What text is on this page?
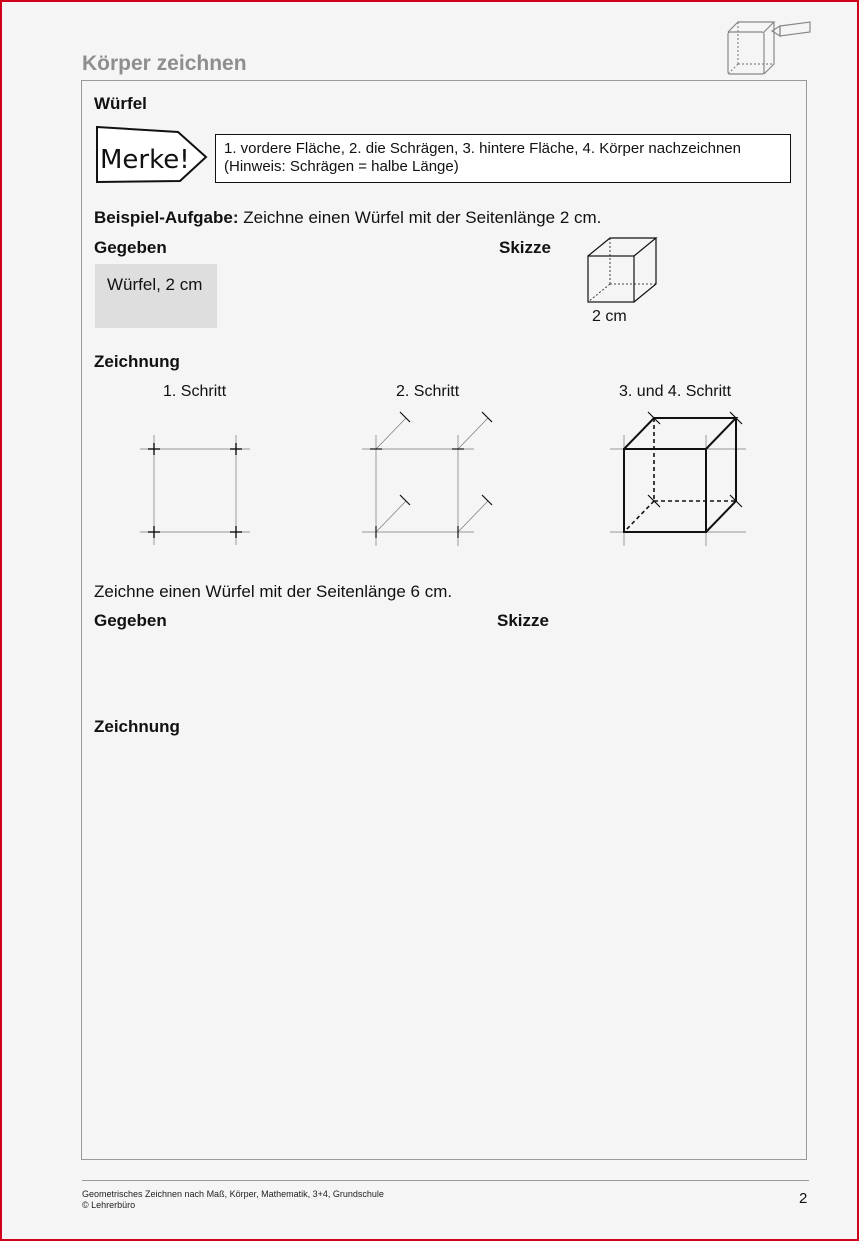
Körper zeichnen
Würfel
Merke! 1. vordere Fläche, 2. die Schrägen, 3. hintere Fläche, 4. Körper nachzeichnen
(Hinweis: Schrägen = halbe Länge)
Beispiel-Aufgabe: Zeichne einen Würfel mit der Seitenlänge 2 cm.
Gegeben	Skizze
Würfel, 2 cm
2 cm
Zeichnung
1. Schritt	2. Schritt	3. und 4. Schritt
Zeichne einen Würfel mit der Seitenlänge 6 cm.
Gegeben	Skizze
Zeichnung
Geometrisches Zeichnen nach Maß, Körper, Mathematik, 3+4, Grundschule
© Lehrerbüro	2
